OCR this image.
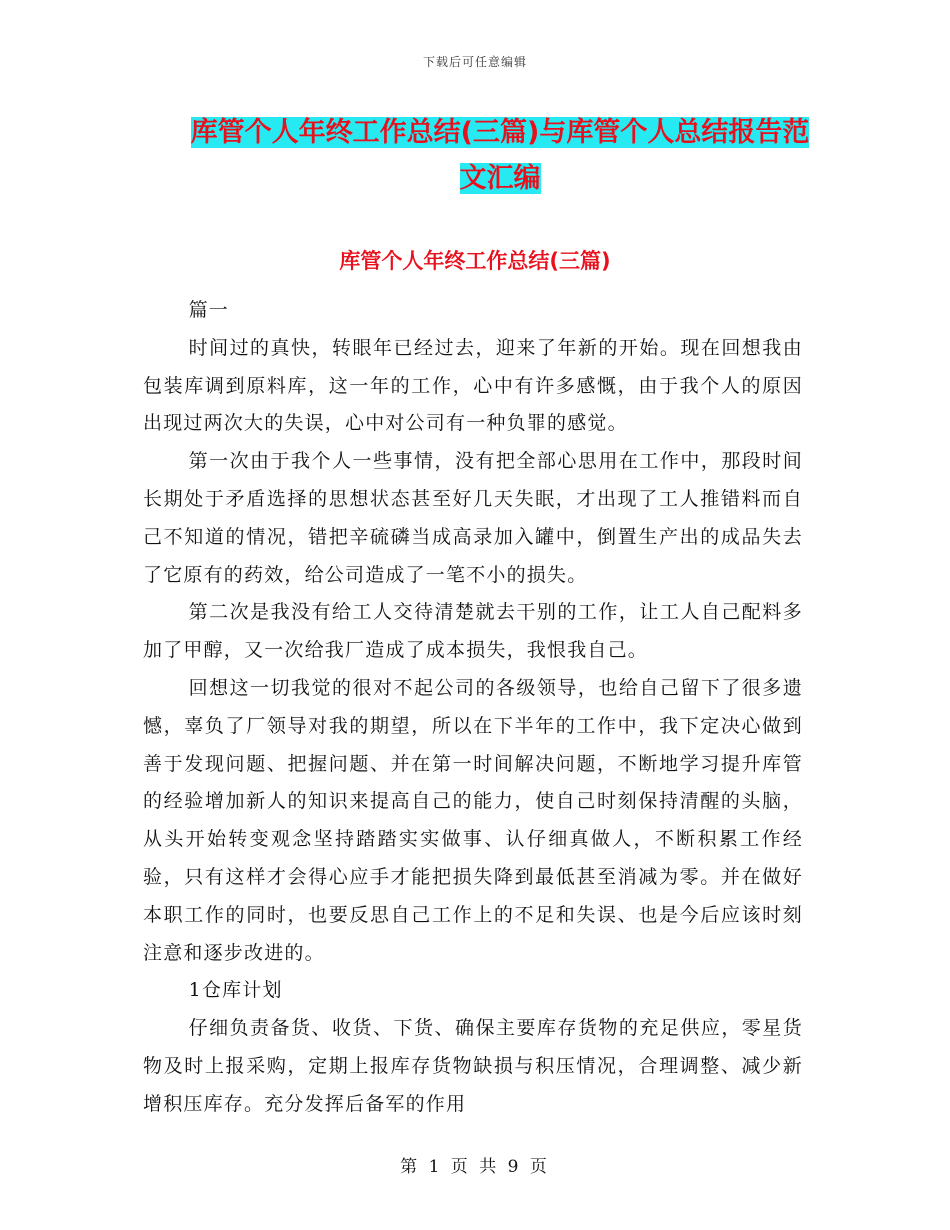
下载后可任意编辑
库管个人年终工作总结(三篇)与库管个人总结报告范
文汇编
库管个人年终工作总结(三篇)

篇一

时间过的真快，转眼年已经过去，迎来了年新的开始。现在回想我由包装库调到原料库，这一年的工作，心中有许多感慨，由于我个人的原因出现过两次大的失误，心中对公司有一种负罪的感觉。

第一次由于我个人一些事情，没有把全部心思用在工作中，那段时间长期处于矛盾选择的思想状态甚至好几天失眠，才出现了工人推错料而自己不知道的情况，错把辛硫磷当成高录加入罐中，倒置生产出的成品失去了它原有的药效，给公司造成了一笔不小的损失。

第二次是我没有给工人交待清楚就去干别的工作，让工人自己配料多加了甲醇，又一次给我厂造成了成本损失，我恨我自己。

回想这一切我觉的很对不起公司的各级领导，也给自己留下了很多遗憾，辜负了厂领导对我的期望，所以在下半年的工作中，我下定决心做到善于发现问题、把握问题、并在第一时间解决问题，不断地学习提升库管的经验增加新人的知识来提高自己的能力，使自己时刻保持清醒的头脑，从头开始转变观念坚持踏踏实实做事、认仔细真做人，不断积累工作经验，只有这样才会得心应手才能把损失降到最低甚至消减为零。并在做好本职工作的同时，也要反思自己工作上的不足和失误、也是今后应该时刻注意和逐步改进的。

1仓库计划

仔细负责备货、收货、下货、确保主要库存货物的充足供应，零星货物及时上报采购，定期上报库存货物缺损与积压情况，合理调整、减少新增积压库存。充分发挥后备军的作用

第 1 页 共 9 页
